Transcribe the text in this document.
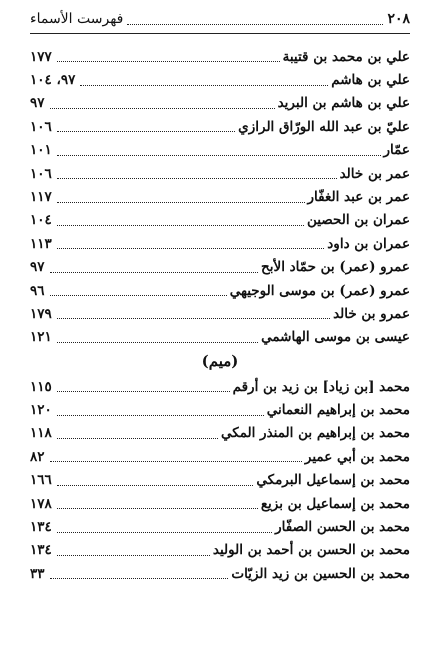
٢٠٨
فهرست الأسماء
علي بن محمد بن قتيبة
١٧٧
علي بن هاشم
٩٧، ١٠٤
علي بن هاشم بن البريد
٩٧
عليّ بن عبد الله الورّاق الرازي
١٠٦
عمّار
١٠١
عمر بن خالد
١٠٦
عمر بن عبد الغفّار
١١٧
عمران بن الحصين
١٠٤
عمران بن داود
١١٣
عمرو (عمر) بن حمّاد الأبح
٩٧
عمرو (عمر) بن موسى الوجيهي
٩٦
عمرو بن خالد
١٧٩
عيسى بن موسى الهاشمي
١٢١
(ميم)
محمد [بن زياد] بن زيد بن أرقم
١١٥
محمد بن إبراهيم النعماني
١٢٠
محمد بن إبراهيم بن المنذر المكي
١١٨
محمد بن أبي عمير
٨٢
محمد بن إسماعيل البرمكي
١٦٦
محمد بن إسماعيل بن بزيع
١٧٨
محمد بن الحسن الصفّار
١٣٤
محمد بن الحسن بن أحمد بن الوليد
١٣٤
محمد بن الحسين بن زيد الزيّات
٣٣
